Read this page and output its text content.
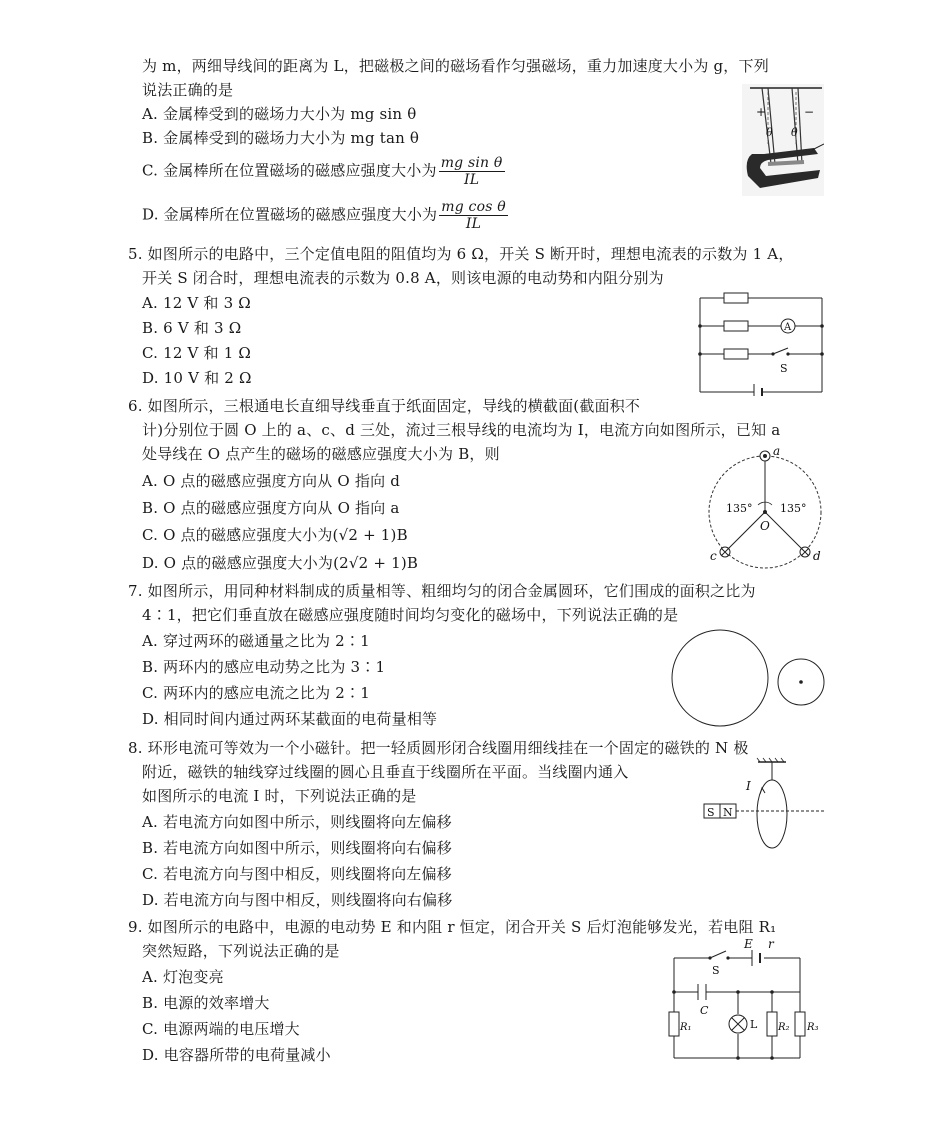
为 m，两细导线间的距离为 L，把磁极之间的磁场看作匀强磁场，重力加速度大小为 g，下列
说法正确的是
A. 金属棒受到的磁场力大小为 mg sin θ
B. 金属棒受到的磁场力大小为 mg tan θ
C. 金属棒所在位置磁场的磁感应强度大小为 $\frac{\text{mg sin θ}}{IL}$
D. 金属棒所在位置磁场的磁感应强度大小为 $\frac{\text{mg cos θ}}{IL}$
+	−
θ θ
5. 如图所示的电路中，三个定值电阻的阻值均为 6 Ω，开关 S 断开时，理想电流表的示数为 1 A，
开关 S 闭合时，理想电流表的示数为 0.8 A，则该电源的电动势和内阻分别为
A. 12 V 和 3 Ω
B. 6 V 和 3 Ω
C. 12 V 和 1 Ω
D. 10 V 和 2 Ω
A
S
6. 如图所示，三根通电长直细导线垂直于纸面固定，导线的横截面(截面积不
计)分别位于圆 O 上的 a、c、d 三处，流过三根导线的电流均为 I，电流方向如图所示，已知 a
处导线在 O 点产生的磁场的磁感应强度大小为 B，则
A. O 点的磁感应强度方向从 O 指向 d
B. O 点的磁感应强度方向从 O 指向 a
C. O 点的磁感应强度大小为(√2 + 1)B
D. O 点的磁感应强度大小为(2√2 + 1)B
a
c	d
O
135°	135°
7. 如图所示，用同种材料制成的质量相等、粗细均匀的闭合金属圆环，它们围成的面积之比为
4∶1，把它们垂直放在磁感应强度随时间均匀变化的磁场中，下列说法正确的是
A. 穿过两环的磁通量之比为 2∶1
B. 两环内的感应电动势之比为 3∶1
C. 两环内的感应电流之比为 2∶1
D. 相同时间内通过两环某截面的电荷量相等
8. 环形电流可等效为一个小磁针。把一轻质圆形闭合线圈用细线挂在一个固定的磁铁的 N 极
附近，磁铁的轴线穿过线圈的圆心且垂直于线圈所在平面。当线圈内通入
如图所示的电流 I 时，下列说法正确的是
A. 若电流方向如图中所示，则线圈将向左偏移
B. 若电流方向如图中所示，则线圈将向右偏移
C. 若电流方向与图中相反，则线圈将向左偏移
D. 若电流方向与图中相反，则线圈将向右偏移
I
S N
9. 如图所示的电路中，电源的电动势 E 和内阻 r 恒定，闭合开关 S 后灯泡能够发光，若电阻 R₁
突然短路，下列说法正确的是
A. 灯泡变亮
B. 电源的效率增大
C. 电源两端的电压增大
D. 电容器所带的电荷量减小
S
E r
C
R₁	L R₂ R₃
